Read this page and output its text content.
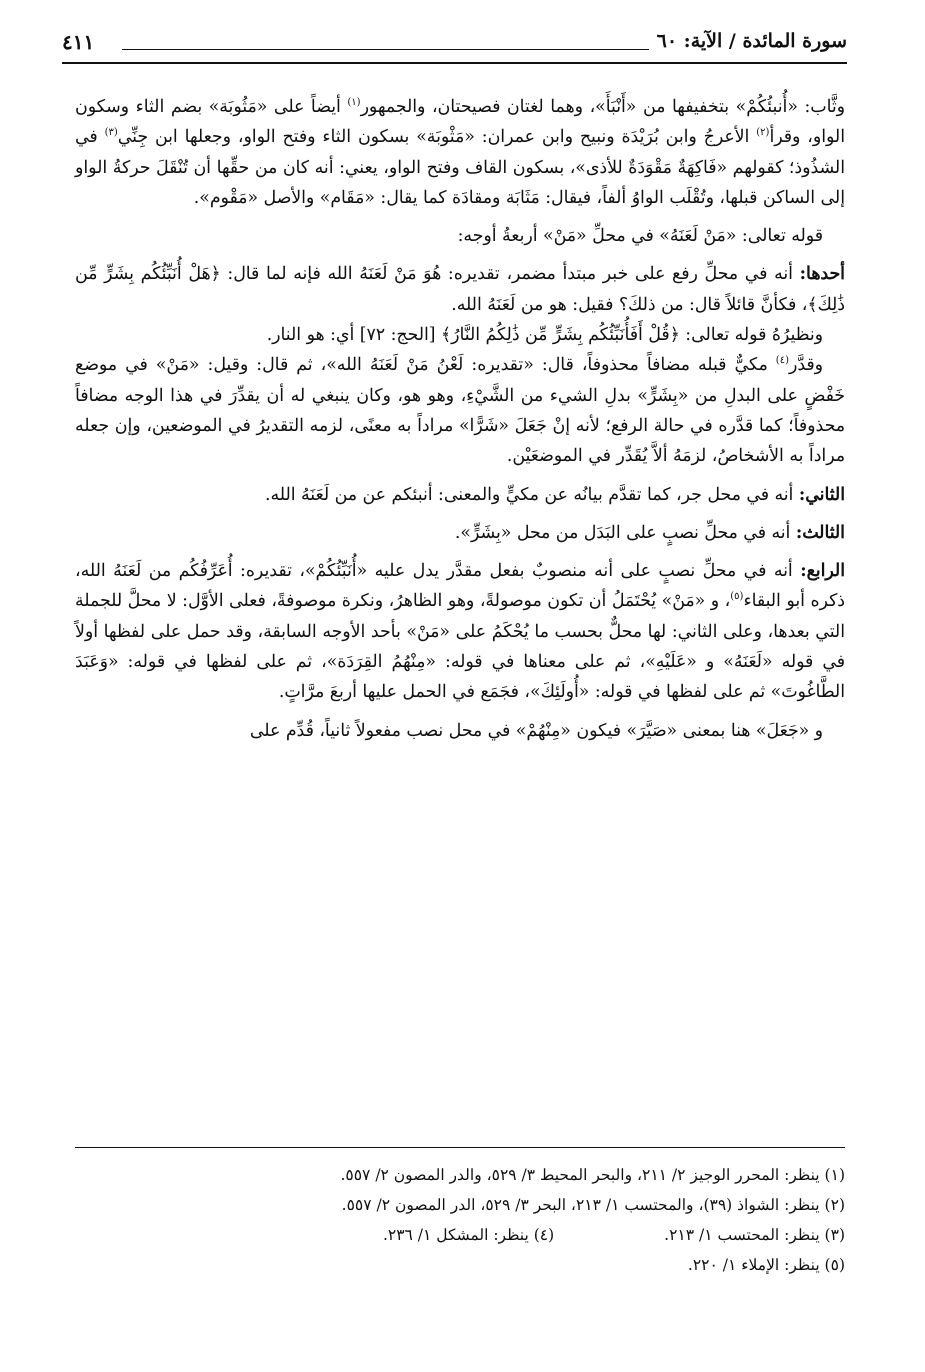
سورة المائدة / الآية: ٦٠
٤١١

وثَّاب: «أُنبئُكُمْ» بتخفيفها من «أَنْبَأَ»، وهما لغتان فصيحتان، والجمهور$^{(١)}$ أيضاً على «مَثُوبَة» بضم الثاء وسكون الواو، وقرأ$^{(٢)}$ الأعرجُ وابن بُرَيْدَة ونبيح وابن عمران: «مَثْوبَة» بسكون الثاء وفتح الواو، وجعلها ابن جِنِّي$^{(٣)}$ في الشذُوذ؛ كقولهم «فَاكِهَةٌ مَقْوَدَةٌ للأذى»، بسكون القاف وفتح الواو، يعني: أنه كان من حقِّها أن تُنْقَلَ حركةُ الواو إلى الساكن قبلها، وتُقْلَب الواوُ ألفاً، فيقال: مَثَابَة ومقادَة كما يقال: «مَقَام» والأصل «مَقْوم».

قوله تعالى: «مَنْ لَعَنَهُ» في محلِّ «مَنْ» أربعةُ أوجه:

أحدها: أنه في محلِّ رفع على خبر مبتدأ مضمر، تقديره: هُوَ مَنْ لَعَنَهُ الله فإنه لما قال: ﴿هَلْ أُنَبِّئُكُم بِشَرٍّ مِّن ذَٰلِكَ﴾، فكأنَّ قائلاً قال: من ذلكَ؟ فقيل: هو من لَعَنَهُ الله.

ونظيرُهُ قوله تعالى: ﴿قُلْ أَفَأُنَبِّئُكُم بِشَرٍّ مِّن ذَٰلِكُمُ النَّارُ﴾ [الحج: ٧٢] أي: هو النار.

وقدَّر$^{(٤)}$ مكيٌّ قبله مضافاً محذوفاً، قال: «تقديره: لَعْنُ مَنْ لَعَنَهُ الله»، ثم قال: وقيل: «مَنْ» في موضع خَفْضٍ على البدلِ من «بِشَرٍّ» بدلِ الشيء من الشَّيْءِ، وهو هو، وكان ينبغي له أن يقدِّرَ في هذا الوجه مضافاً محذوفاً؛ كما قدَّره في حالة الرفع؛ لأنه إنْ جَعَلَ «شَرًّا» مراداً به معنًى، لزمه التقديرُ في الموضعين، وإن جعله مراداً به الأشخاصُ، لزمَهُ ألاَّ يُقَدِّر في الموضعَيْن.

الثاني: أنه في محل جر، كما تقدَّم بيانُه عن مكيٍّ والمعنى: أنبئكم عن من لَعَنَهُ الله.

الثالث: أنه في محلِّ نصبٍ على البَدَل من محل «بِشَرٍّ».

الرابع: أنه في محلِّ نصبٍ على أنه منصوبٌ بفعل مقدَّر يدل عليه «أُنَبِّئُكُمْ»، تقديره: أُعَرِّفُكُم من لَعَنَهُ الله، ذكره أبو البقاء$^{(٥)}$، و «مَنْ» يُحْتَمَلُ أن تكون موصولةً، وهو الظاهرُ، ونكرة موصوفةً، فعلى الأوَّل: لا محلَّ للجملة التي بعدها، وعلى الثاني: لها محلٌّ بحسب ما يُحْكَمُ على «مَنْ» بأحد الأوجه السابقة، وقد حمل على لفظها أولاً في قوله «لَعَنَهُ» و «عَلَيْهِ»، ثم على معناها في قوله: «مِنْهُمُ القِرَدَة»، ثم على لفظها في قوله: «وَعَبَدَ الطَّاغُوتَ» ثم على لفظها في قوله: «أُولَئِكَ»، فجَمَع في الحمل عليها أربعَ مرَّاتٍ.

و «جَعَلَ» هنا بمعنى «صَيَّرَ» فيكون «مِنْهُمْ» في محل نصب مفعولاً ثانياً، قُدِّم على

(١) ينظر: المحرر الوجيز ٢/ ٢١١، والبحر المحيط ٣/ ٥٢٩، والدر المصون ٢/ ٥٥٧.

(٢) ينظر: الشواذ (٣٩)، والمحتسب ١/ ٢١٣، البحر ٣/ ٥٢٩، الدر المصون ٢/ ٥٥٧.

(٣) ينظر: المحتسب ١/ ٢١٣.

(٤) ينظر: المشكل ١/ ٢٣٦.

(٥) ينظر: الإملاء ١/ ٢٢٠.
